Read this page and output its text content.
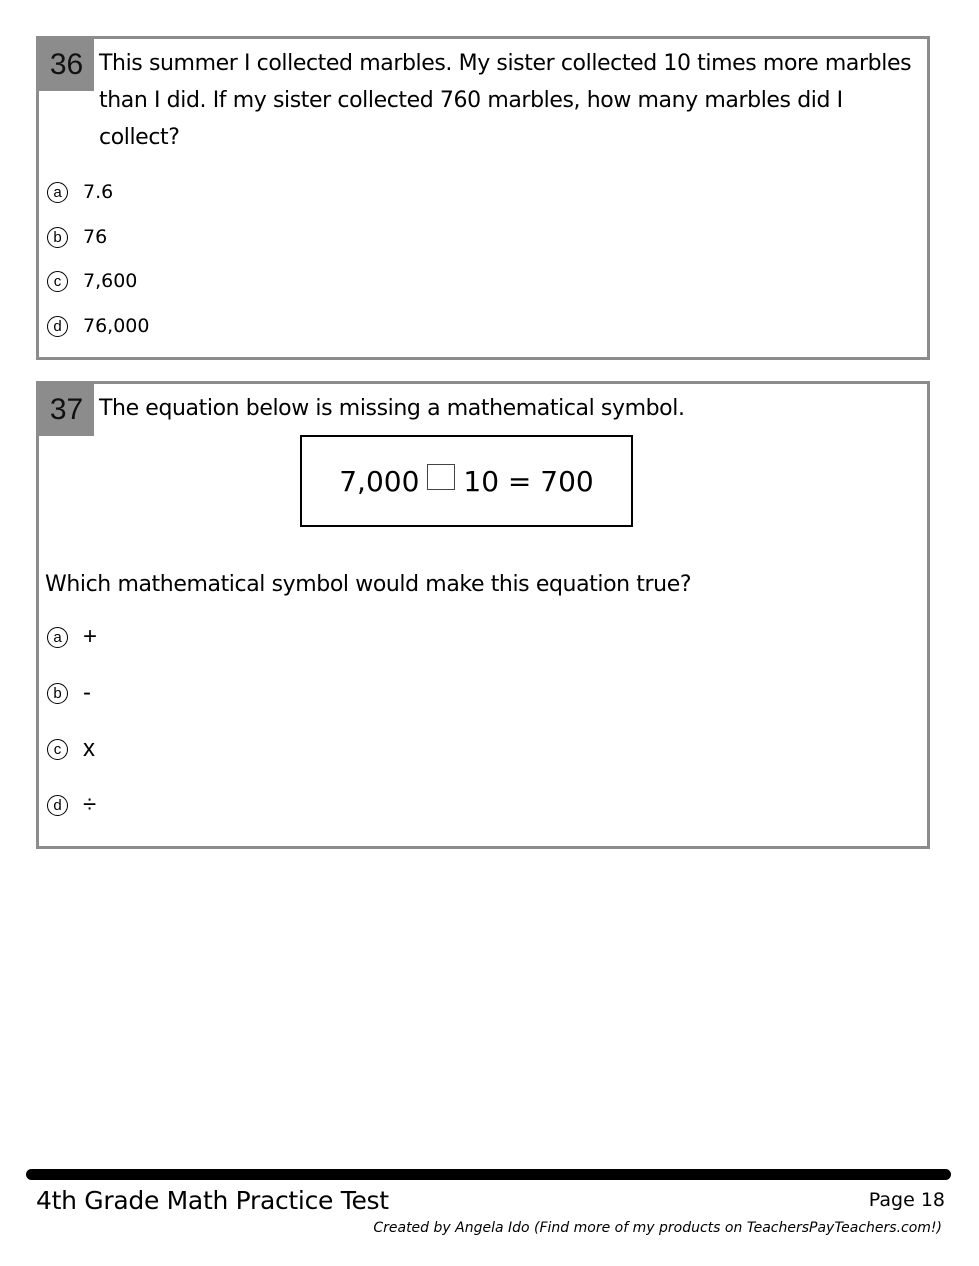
36 This summer I collected marbles. My sister collected 10 times more marbles
than I did. If my sister collected 760 marbles, how many marbles did I collect?
a	7.6
b	76
c	7,600
d	76,000
37 The equation below is missing a mathematical symbol.
7,000 10 = 700
Which mathematical symbol would make this equation true?
a +
b -
c x
d ÷
4th Grade Math Practice Test	Page 18
Created by Angela Ido (Find more of my products on TeachersPayTeachers.com!)
